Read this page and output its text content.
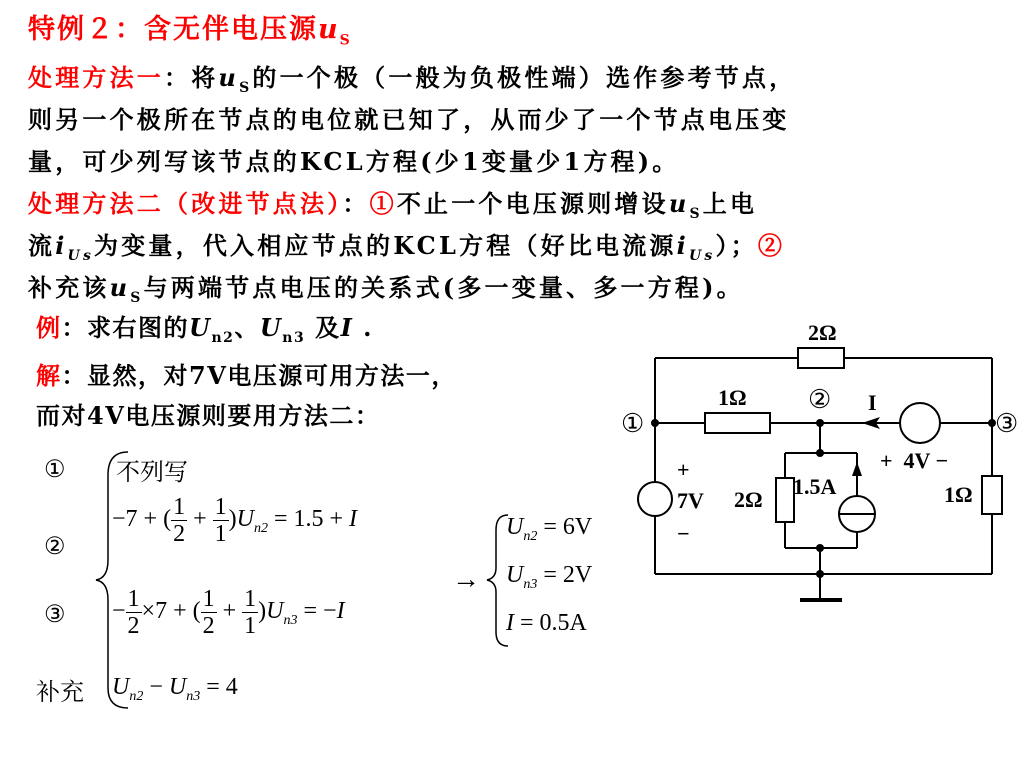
特例２：含无伴电压源$u_S$
处理方法一：将$u_S$的一个极（一般为负极性端）选作参考节点，
则另一个极所在节点的电位就已知了，从而少了一个节点电压变
量，可少列写该节点的KCL方程(少1变量少1方程)。
处理方法二（改进节点法）：①不止一个电压源则增设$u_S$上电
流$i_{Us}$为变量，代入相应节点的KCL方程（好比电流源$i_{Us}$）；②
补充该$u_S$与两端节点电压的关系式(多一变量、多一方程)。
例：求右图的$U_{n2}$、$U_{n3}$ 及I .
解：显然，对7V电压源可用方法一，
而对4V电压源则要用方法二：
2Ω
1Ω
2Ω	1Ω
①
②
③
I
+
7V
−
+  4V −
1.5A
①
②
③
补充
不列写
−7 + ( $\frac{1}{2} + \frac{1}{1} )U_{n2} = 1.5 + I$
− $\frac{1}{2} \times 7$ + ( $\frac{1}{2} + \frac{1}{1} )U_{n3} = -I$
$U_{n2} - U_{n3} = 4$
→
$U_{n2} = 6V$
$U_{n3} = 2V$
I = 0.5A
